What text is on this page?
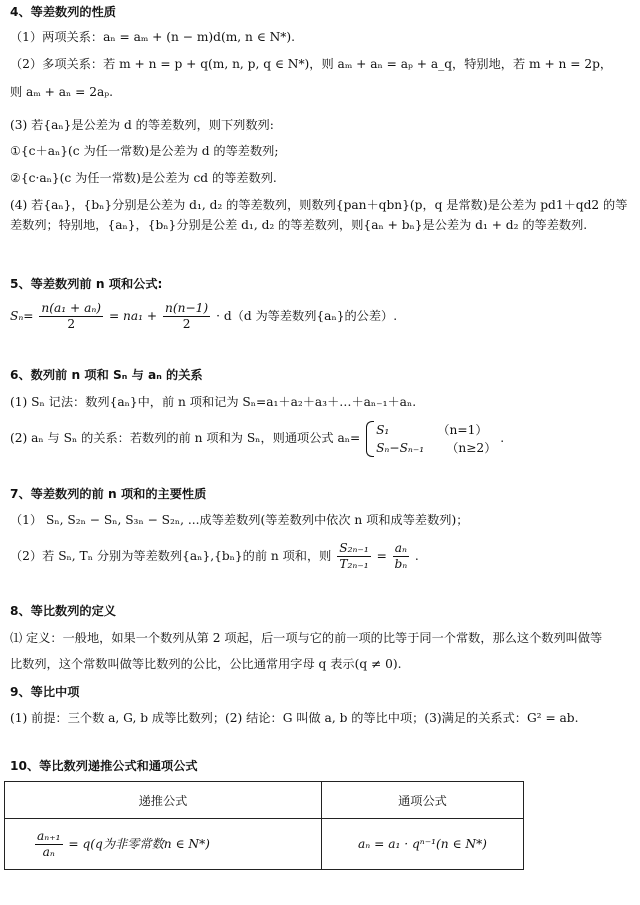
4、等差数列的性质
（1）两项关系：aₙ = aₘ + (n − m)d(m, n ∈ N*).
（2）多项关系：若 m + n = p + q(m, n, p, q ∈ N*)，则 aₘ + aₙ = aₚ + a_q，特别地，若 m + n = 2p，
则 aₘ + aₙ = 2aₚ.
(3) 若{aₙ}是公差为 d 的等差数列，则下列数列:
①{c＋aₙ}(c 为任一常数)是公差为 d 的等差数列;
②{c·aₙ}(c 为任一常数)是公差为 cd 的等差数列.
(4) 若{aₙ}，{bₙ}分别是公差为 d₁, d₂ 的等差数列，则数列{pan＋qbn}(p，q 是常数)是公差为 pd1＋qd2 的等差数列；特别地，{aₙ}，{bₙ}分别是公差 d₁, d₂ 的等差数列，则{aₙ + bₙ}是公差为 d₁ + d₂ 的等差数列.
5、等差数列前 n 项和公式:
$S_n= \frac{\text{n(a₁ + aₙ)}}{2} = na_1 + \frac{n(n-1)}{2} \cdot d(d$ 为等差数列{aₙ}的公差）.
6、数列前 n 项和 Sₙ 与 aₙ 的关系
(1) Sₙ 记法：数列{aₙ}中，前 n 项和记为 Sₙ=a₁＋a₂＋a₃＋…＋aₙ₋₁＋aₙ.
(2) aₙ 与 Sₙ 的关系：若数列的前 n 项和为 Sₙ，则通项公式 aₙ=
S₁	（n=1）
Sₙ−Sₙ₋₁ （n≥2）
.
7、等差数列的前 n 项和的主要性质
（1） Sₙ, S₂ₙ − Sₙ, S₃ₙ − S₂ₙ, ...成等差数列(等差数列中依次 n 项和成等差数列)；
（2）若 Sₙ, Tₙ 分别为等差数列{aₙ},{bₙ}的前 n 项和，则 $\frac{\text{S₂ₙ₋₁}}{\text{T₂ₙ₋₁}} = \frac{\text{aₙ}}{\text{bₙ}}$ .
8、等比数列的定义
⑴ 定义：一般地，如果一个数列从第 2 项起，后一项与它的前一项的比等于同一个常数，那么这个数列叫做等
比数列，这个常数叫做等比数列的公比，公比通常用字母 q 表示(q ≠ 0).
9、等比中项
(1) 前提：三个数 a, G, b 成等比数列；(2) 结论：G 叫做 a, b 的等比中项；(3)满足的关系式：G² = ab.
10、等比数列递推公式和通项公式
递推公式	通项公式

$\frac{\text{aₙ₊₁}}{\text{aₙ}} = q(q$为非零常数n ∈ N*)	aₙ = a₁ · qⁿ⁻¹(n ∈ N*)
